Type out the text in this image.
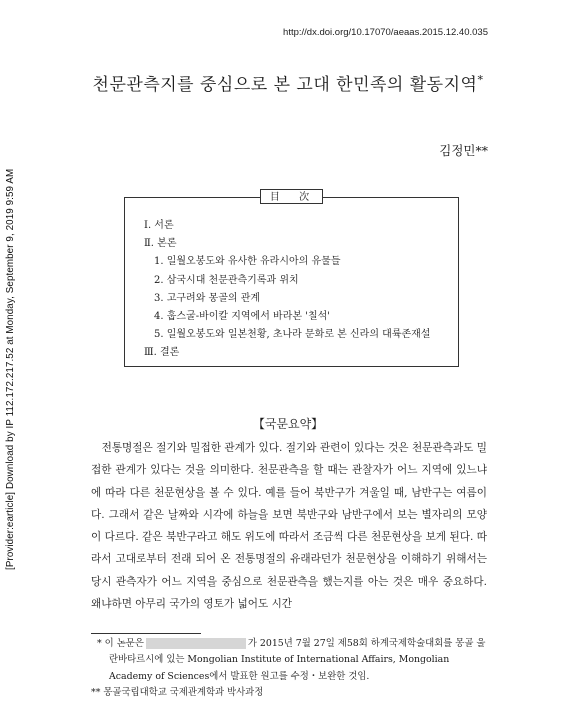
http://dx.doi.org/10.17070/aeaas.2015.12.40.035
[Provider:earticle] Download by IP 112.172.217.52 at Monday, September 9, 2019 9:59 AM
천문관측지를 중심으로 본 고대 한민족의 활동지역*
김정민**
目 次
Ⅰ. 서론
Ⅱ. 본론
1. 일월오봉도와 유사한 유라시아의 유물들
2. 삼국시대 천문관측기록과 위치
3. 고구려와 몽골의 관계
4. 훕스굴-바이칼 지역에서 바라본 '칠석'
5. 일월오봉도와 일본천황, 초나라 문화로 본 신라의 대륙존재설
Ⅲ. 결론
【국문요약】

전통명절은 절기와 밀접한 관계가 있다. 절기와 관련이 있다는 것은 천문관측과도 밀접한 관계가 있다는 것을 의미한다. 천문관측을 할 때는 관찰자가 어느 지역에 있느냐에 따라 다른 천문현상을 볼 수 있다. 예를 들어 북반구가 겨울일 때, 남반구는 여름이다. 그래서 같은 날짜와 시각에 하늘을 보면 북반구와 남반구에서 보는 별자리의 모양이 다르다. 같은 북반구라고 해도 위도에 따라서 조금씩 다른 천문현상을 보게 된다. 따라서 고대로부터 전래 되어 온 전통명절의 유래라던가 천문현상을 이해하기 위해서는 당시 관측자가 어느 지역을 중심으로 천문관측을 했는지를 아는 것은 매우 중요하다. 왜냐하면 아무리 국가의 영토가 넓어도 시간

* 이 논문은	가 2015년 7월 27일 제58회 하계국제학술대회를 몽골 울란바타르시에 있는 Mongolian Institute of International Affairs, Mongolian Academy of Sciences에서 발표한 원고를 수정・보완한 것임.
** 몽골국립대학교 국제관계학과 박사과정
